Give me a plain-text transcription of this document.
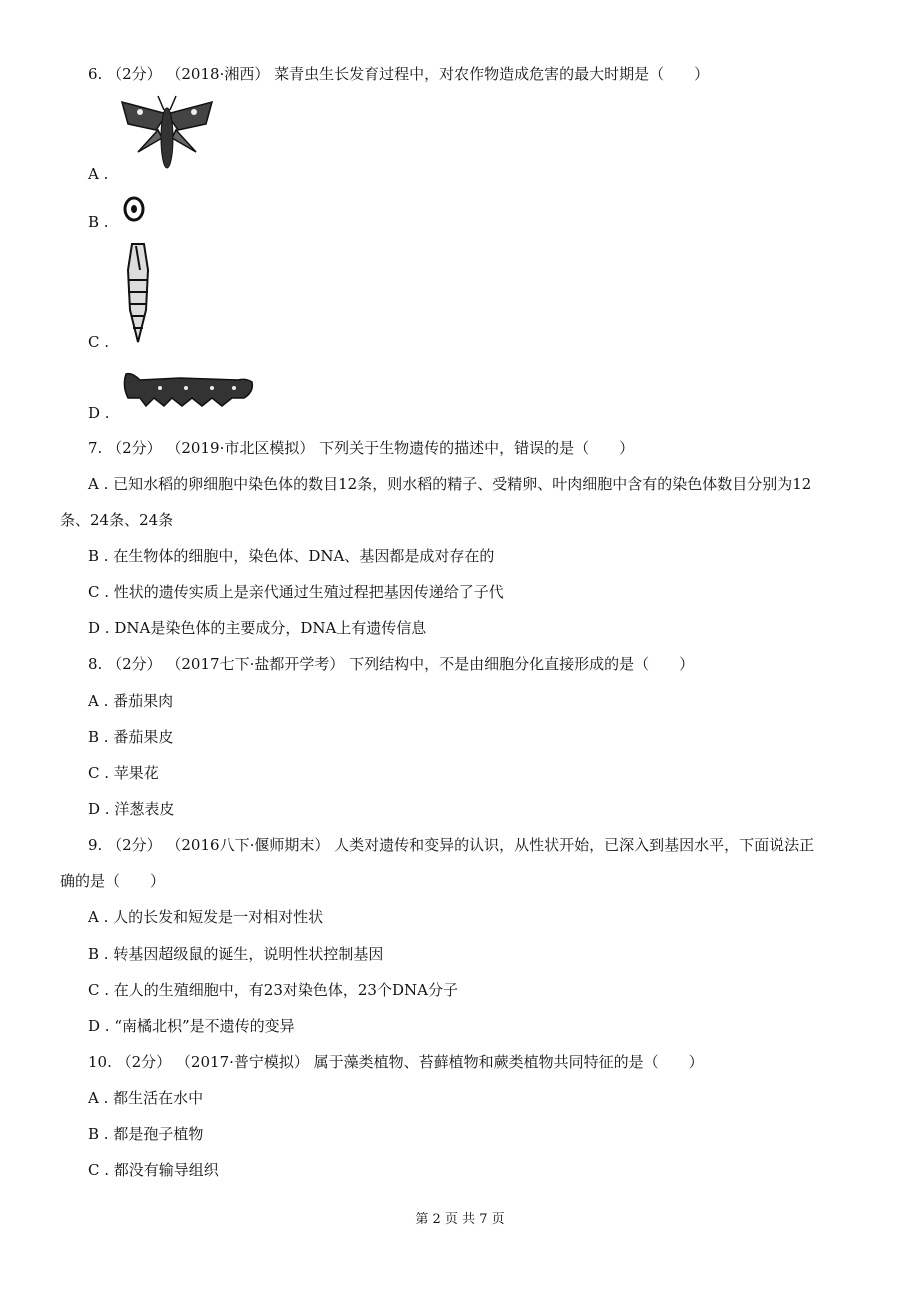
6. （2分） （2018·湘西） 菜青虫生长发育过程中，对农作物造成危害的最大时期是（　　）
A .
B .
C .
D .
7. （2分） （2019·市北区模拟） 下列关于生物遗传的描述中，错误的是（　　）
A . 已知水稻的卵细胞中染色体的数目12条，则水稻的精子、受精卵、叶肉细胞中含有的染色体数目分别为12
条、24条、24条
B . 在生物体的细胞中，染色体、DNA、基因都是成对存在的
C . 性状的遗传实质上是亲代通过生殖过程把基因传递给了子代
D . DNA是染色体的主要成分，DNA上有遗传信息
8. （2分） （2017七下·盐都开学考） 下列结构中，不是由细胞分化直接形成的是（　　）
A . 番茄果肉
B . 番茄果皮
C . 苹果花
D . 洋葱表皮
9. （2分） （2016八下·偃师期末） 人类对遗传和变异的认识，从性状开始，已深入到基因水平，下面说法正
确的是（　　）
A . 人的长发和短发是一对相对性状
B . 转基因超级鼠的诞生，说明性状控制基因
C . 在人的生殖细胞中，有23对染色体，23个DNA分子
D . “南橘北枳”是不遗传的变异
10. （2分） （2017·普宁模拟） 属于藻类植物、苔藓植物和蕨类植物共同特征的是（　　）
A . 都生活在水中
B . 都是孢子植物
C . 都没有输导组织
第 2 页 共 7 页
